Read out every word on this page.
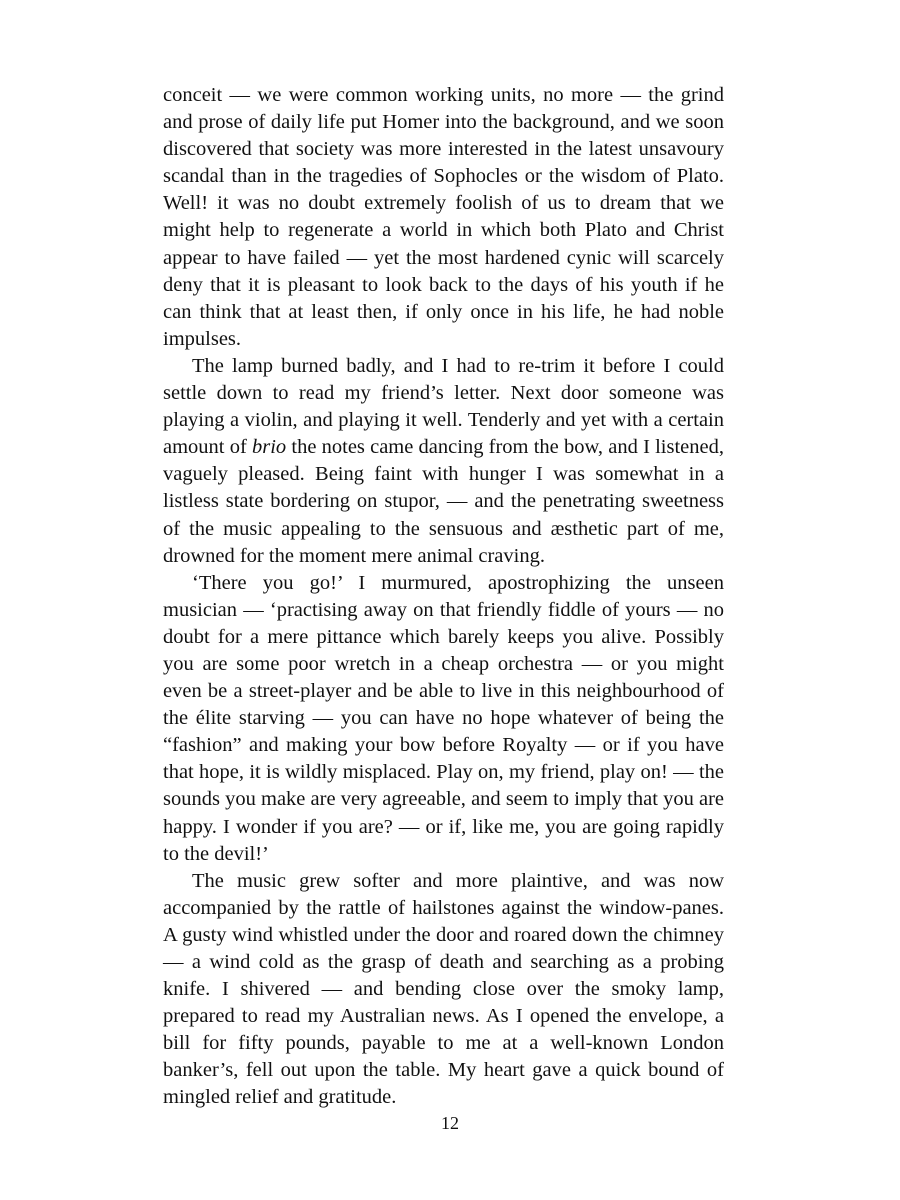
conceit — we were common working units, no more — the grind and prose of daily life put Homer into the background, and we soon discovered that society was more interested in the latest unsavoury scandal than in the tragedies of Sophocles or the wisdom of Plato. Well! it was no doubt extremely foolish of us to dream that we might help to regenerate a world in which both Plato and Christ appear to have failed — yet the most hardened cynic will scarcely deny that it is pleasant to look back to the days of his youth if he can think that at least then, if only once in his life, he had noble impulses.

The lamp burned badly, and I had to re-trim it before I could settle down to read my friend’s letter. Next door someone was playing a violin, and playing it well. Tenderly and yet with a certain amount of brio the notes came dancing from the bow, and I listened, vaguely pleased. Being faint with hunger I was somewhat in a listless state bordering on stupor, — and the penetrating sweetness of the music appealing to the sensuous and æsthetic part of me, drowned for the moment mere animal craving.

‘There you go!’ I murmured, apostrophizing the unseen musician — ‘practising away on that friendly fiddle of yours — no doubt for a mere pittance which barely keeps you alive. Possibly you are some poor wretch in a cheap orchestra — or you might even be a street-player and be able to live in this neighbourhood of the élite starving — you can have no hope whatever of being the “fashion” and making your bow before Royalty — or if you have that hope, it is wildly misplaced. Play on, my friend, play on! — the sounds you make are very agreeable, and seem to imply that you are happy. I wonder if you are? — or if, like me, you are going rapidly to the devil!’

The music grew softer and more plaintive, and was now accompanied by the rattle of hailstones against the window-panes. A gusty wind whistled under the door and roared down the chimney — a wind cold as the grasp of death and searching as a probing knife. I shivered — and bending close over the smoky lamp, prepared to read my Australian news. As I opened the envelope, a bill for fifty pounds, payable to me at a well-known London banker’s, fell out upon the table. My heart gave a quick bound of mingled relief and gratitude.

12
